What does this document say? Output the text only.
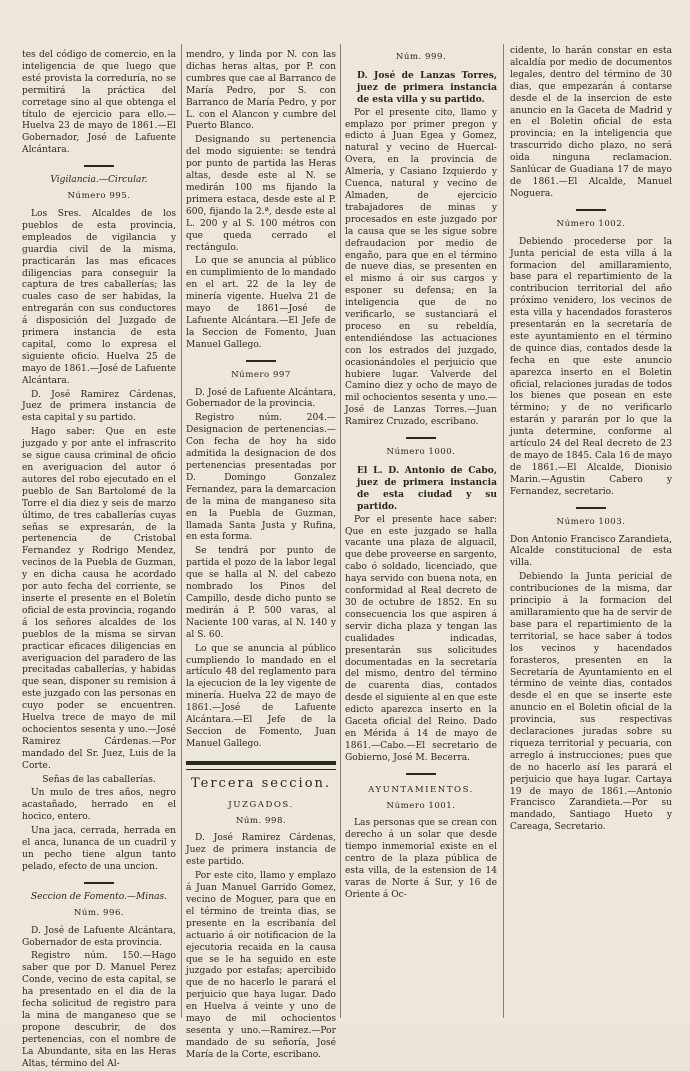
tes del código de comercio, en la inteligencia de que luego que esté provista la correduría, no se permitirá la práctica del corretage sino al que obtenga el título de ejercicio para ello.—Huelva 23 de mayo de 1861.—El Gobernador, José de Lafuente Alcántara.

Vigilancia.—Circular.
Número 995.

Los Sres. Alcaldes de los pueblos de esta provincia, empleados de vigilancia y guardia civil de la misma, practicarán las mas eficaces diligencias para conseguir la captura de tres caballerías; las cuales caso de ser habidas, la entregarán con sus conductores á disposición del Juzgado de primera instancia de esta capital, como lo expresa el siguiente oficio. Huelva 25 de mayo de 1861.—José de Lafuente Alcántara.

D. José Ramirez Cárdenas, Juez de primera instancia de esta capital y su partido.

Hago saber: Que en este juzgado y por ante el infrascrito se sigue causa criminal de oficio en averiguacion del autor ó autores del robo ejecutado en el pueblo de San Bartolomé de la Torre el dia diez y seis de marzo último, de tres caballerías cuyas señas se expresarán, de la pertenencia de Cristobal Fernandez y Rodrigo Mendez, vecinos de la Puebla de Guzman, y en dicha causa he acordado por auto fecha del corriente, se inserte el presente en el Boletín oficial de esta provincia, rogando á los señores alcaldes de los pueblos de la misma se sirvan practicar eficaces diligencias en averiguacion del paradero de las precitadas caballerías, y habidas que sean, disponer su remision á este juzgado con las personas en cuyo poder se encuentren. Huelva trece de mayo de mil ochocientos sesenta y uno.—José Ramirez Cárdenas.—Por mandado del Sr. Juez, Luis de la Corte.

Señas de las caballerías.

Un mulo de tres años, negro acastañado, herrado en el hocico, entero.

Una jaca, cerrada, herrada en el anca, lunanca de un cuadril y un pecho tiene algun tanto pelado, efecto de una uncion.

Seccion de Fomento.—Minas.
Núm. 996.

D. José de Lafuente Alcántara, Gobernador de esta provincia.

Registro núm. 150.—Hago saber que por D. Manuel Perez Conde, vecino de esta capital, se ha presentado en el dia de la fecha solicitud de registro para la mina de manganeso que se propone descubrir, de dos pertenencias, con el nombre de La Abundante, sita en las Heras Altas, término del Al-

mendro, y linda por N. con las dichas heras altas, por P. con cumbres que cae al Barranco de María Pedro, por S. con Barranco de María Pedro, y por L. con el Alancon y cumbre del Puerto Blanco.

Designando su pertenencia del modo siguiente: se tendrá por punto de partida las Heras altas, desde este al N. se medirán 100 ms fijando la primera estaca, desde este al P. 600, fijando la 2.ª, desde este al L. 200 y al S. 100 métros con que queda cerrado el rectángulo.

Lo que se anuncia al público en cumplimiento de lo mandado en el art. 22 de la ley de minería vigente. Huelva 21 de mayo de 1861—José de Lafuente Alcántara.—El Jefe de la Seccion de Fomento, Juan Manuel Gallego.

Número 997

D. José de Lafuente Alcántara, Gobernador de la provincia.

Registro núm. 204.—Designacion de pertenencias.—Con fecha de hoy ha sido admitida la designacion de dos pertenencias presentadas por D. Domingo Gonzalez Fernandez, para la demarcacion de la mina de manganeso sita en la Puebla de Guzman, llamada Santa Justa y Rufina, en esta forma.

Se tendrá por punto de partida el pozo de la labor legal que se halla al N. del cabezo nombrado los Pinos del Campillo, desde dicho punto se medirán á P. 500 varas, al Naciente 100 varas, al N. 140 y al S. 60.

Lo que se anuncia al público cumpliendo lo mandado en el artículo 48 del reglamento para la ejecucion de la ley vigente de minería. Huelva 22 de mayo de 1861.—José de Lafuente Alcántara.—El Jefe de la Seccion de Fomento, Juan Manuel Gallego.

Tercera seccion.
JUZGADOS.
Núm. 998.

D. José Ramirez Cárdenas, Juez de primera instancia de este partido.

Por este cito, llamo y emplazo á Juan Manuel Garrido Gomez, vecino de Moguer, para que en el término de treinta dias, se presente en la escribanía del actuario á oir notificacion de la ejecutoria recaida en la causa que se le ha seguido en este juzgado por estafas; apercibido que de no hacerlo le parará el perjuicio que haya lugar. Dado en Huelva á veinte y uno de mayo de mil ochocientos sesenta y uno.—Ramirez.—Por mandado de su señoría, José María de la Corte, escribano.

Núm. 999.

D. José de Lanzas Torres, juez de primera instancia de esta villa y su partido.

Por el presente cito, llamo y emplazo por primer pregon y edicto á Juan Egea y Gomez, natural y vecino de Huercal-Overa, en la provincia de Almería, y Casiano Izquierdo y Cuenca, natural y vecino de Almaden, de ejercicio trabajadores de minas y procesados en este juzgado por la causa que se les sigue sobre defraudacion por medio de engaño, para que en el término de nueve dias, se presenten en el mismo á oir sus cargos y esponer su defensa; en la inteligencia que de no verificarlo, se sustanciará el proceso en su rebeldía, entendiéndose las actuaciones con los estrados del juzgado, ocasionándoles el perjuicio que hubiere lugar. Valverde del Camino diez y ocho de mayo de mil ochocientos sesenta y uno.—José de Lanzas Torres.—Juan Ramirez Cruzado, escribano.

Número 1000.

El L. D. Antonio de Cabo, juez de primera instancia de esta ciudad y su partido.

Por el presente hace saber: Que en este juzgado se halla vacante una plaza de alguacil, que debe proveerse en sargento, cabo ó soldado, licenciado, que haya servido con buena nota, en conformidad al Real decreto de 30 de octubre de 1852. En su consecuencia los que aspiren á servir dicha plaza y tengan las cualidades indicadas, presentarán sus solicitudes documentadas en la secretaría del mismo, dentro del término de cuarenta dias, contados desde el siguiente al en que este edicto aparezca inserto en la Gaceta oficial del Reino. Dado en Mérida á 14 de mayo de 1861.—Cabo.—El secretario de Gobierno, José M. Becerra.

AYUNTAMIENTOS.
Número 1001.

Las personas que se crean con derecho á un solar que desde tiempo inmemorial existe en el centro de la plaza pública de esta villa, de la estension de 14 varas de Norte á Sur, y 16 de Oriente á Oc-

cidente, lo harán constar en esta alcaldía por medio de documentos legales, dentro del término de 30 dias, que empezarán á contarse desde el de la insercion de este anuncio en la Gaceta de Madrid y en el Boletin oficial de esta provincia; en la inteligencia que trascurrido dicho plazo, no será oida ninguna reclamacion. Sanlúcar de Guadiana 17 de mayo de 1861.—El Alcalde, Manuel Noguera.

Número 1002.

Debiendo procederse por la Junta pericial de esta villa á la formacion del amillaramiento, base para el repartimiento de la contribucion territorial del año próximo venidero, los vecinos de esta villa y hacendados forasteros presentarán en la secretaría de este ayuntamiento en el término de quince dias, contados desde la fecha en que este anuncio aparezca inserto en el Boletin oficial, relaciones juradas de todos los bienes que posean en este término; y de no verificarlo estarán y pararán por lo que la junta determine, conforme al artículo 24 del Real decreto de 23 de mayo de 1845. Cala 16 de mayo de 1861.—El Alcalde, Dionisio Marin.—Agustin Cabero y Fernandez, secretario.

Número 1003.

Don Antonio Francisco Zarandieta, Alcalde constitucional de esta villa.

Debiendo la Junta pericial de contribuciones de la misma, dar principio á la formacion del amillaramiento que ha de servir de base para el repartimiento de la territorial, se hace saber á todos los vecinos y hacendados forasteros, presenten en la Secretaría de Ayuntamiento en el término de veinte dias, contados desde el en que se inserte este anuncio en el Boletin oficial de la provincia, sus respectivas declaraciones juradas sobre su riqueza territorial y pecuaria, con arreglo á instrucciones; pues que de no hacerlo así les parará el perjuicio que haya lugar. Cartaya 19 de mayo de 1861.—Antonio Francisco Zarandieta.—Por su mandado, Santiago Hueto y Careaga, Secretario.
